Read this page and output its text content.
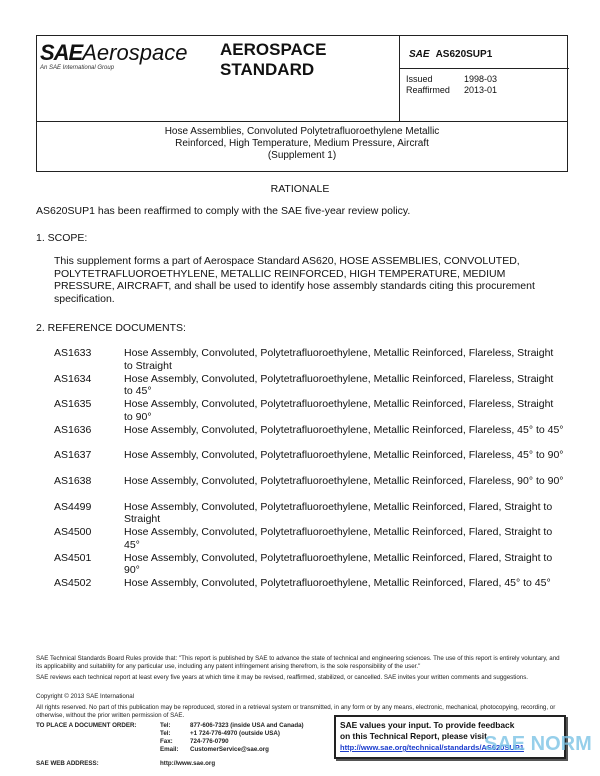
SAEAerospace
An SAE International Group
AEROSPACE
STANDARD
SAE AS620SUP1
Issued	1998-03
Reaffirmed 2013-01
Hose Assemblies, Convoluted Polytetrafluoroethylene Metallic
Reinforced, High Temperature, Medium Pressure, Aircraft
(Supplement 1)
RATIONALE
AS620SUP1 has been reaffirmed to comply with the SAE five-year review policy.
1. SCOPE:
This supplement forms a part of Aerospace Standard AS620, HOSE ASSEMBLIES, CONVOLUTED, POLYTETRAFLUOROETHYLENE, METALLIC REINFORCED, HIGH TEMPERATURE, MEDIUM PRESSURE, AIRCRAFT, and shall be used to identify hose assembly standards citing this procurement specification.
2. REFERENCE DOCUMENTS:
AS1633	Hose Assembly, Convoluted, Polytetrafluoroethylene, Metallic Reinforced, Flareless, Straight to Straight
AS1634	Hose Assembly, Convoluted, Polytetrafluoroethylene, Metallic Reinforced, Flareless, Straight to 45°
AS1635	Hose Assembly, Convoluted, Polytetrafluoroethylene, Metallic Reinforced, Flareless, Straight to 90°
AS1636	Hose Assembly, Convoluted, Polytetrafluoroethylene, Metallic Reinforced, Flareless, 45° to 45°
AS1637	Hose Assembly, Convoluted, Polytetrafluoroethylene, Metallic Reinforced, Flareless, 45° to 90°
AS1638	Hose Assembly, Convoluted, Polytetrafluoroethylene, Metallic Reinforced, Flareless, 90° to 90°
AS4499	Hose Assembly, Convoluted, Polytetrafluoroethylene, Metallic Reinforced, Flared, Straight to Straight
AS4500	Hose Assembly, Convoluted, Polytetrafluoroethylene, Metallic Reinforced, Flared, Straight to 45°
AS4501	Hose Assembly, Convoluted, Polytetrafluoroethylene, Metallic Reinforced, Flared, Straight to 90°
AS4502	Hose Assembly, Convoluted, Polytetrafluoroethylene, Metallic Reinforced, Flared, 45° to 45°
SAE Technical Standards Board Rules provide that: "This report is published by SAE to advance the state of technical and engineering sciences. The use of this report is entirely voluntary, and its applicability and suitability for any particular use, including any patent infringement arising therefrom, is the sole responsibility of the user."
SAE reviews each technical report at least every five years at which time it may be revised, reaffirmed, stabilized, or cancelled. SAE invites your written comments and suggestions.
Copyright © 2013 SAE International
All rights reserved. No part of this publication may be reproduced, stored in a retrieval system or transmitted, in any form or by any means, electronic, mechanical, photocopying, recording, or otherwise, without the prior written permission of SAE.
TO PLACE A DOCUMENT ORDER:	Tel:	877-606-7323 (inside USA and Canada)
Tel:	+1 724-776-4970 (outside USA)
Fax:	724-776-0790
Email: CustomerService@sae.org
SAE WEB ADDRESS:	http://www.sae.org
SAE values your input. To provide feedback
on this Technical Report, please visit
http://www.sae.org/technical/standards/AS620SUP1
SAE NORM
